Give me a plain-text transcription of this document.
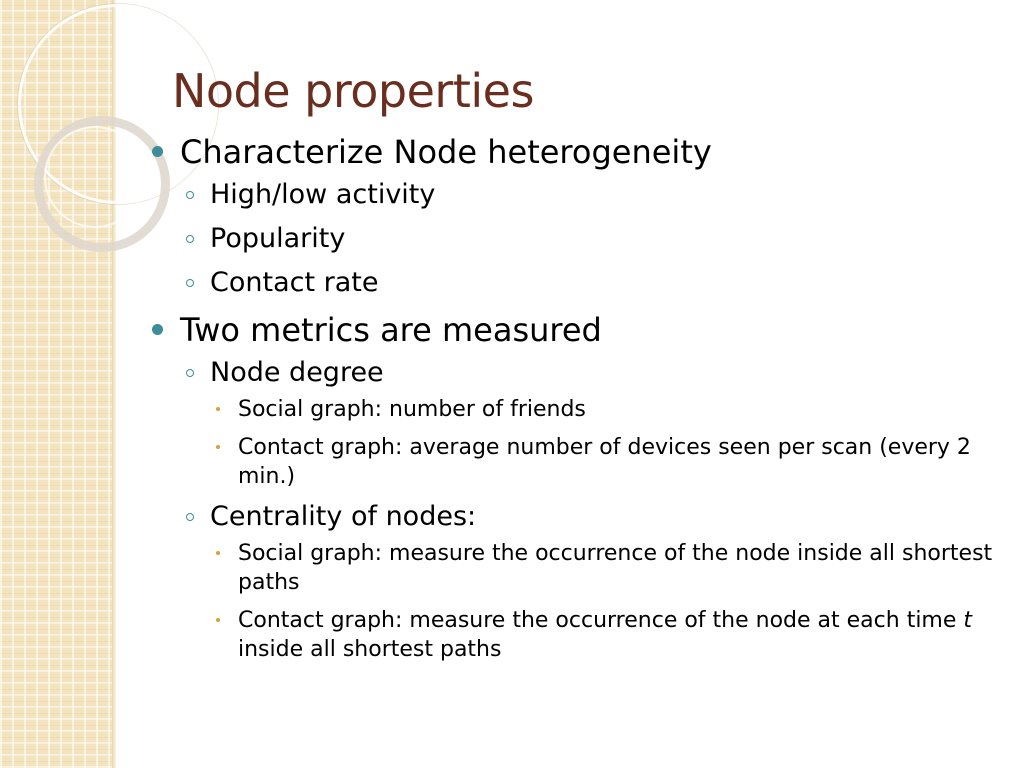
Node properties

Characterize Node heterogeneity

High/low activity

Popularity

Contact rate

Two metrics are measured

Node degree

Social graph: number of friends

Contact graph: average number of devices seen per scan (every 2 min.)

Centrality of nodes:

Social graph: measure the occurrence of the node inside all shortest paths

Contact graph: measure the occurrence of the node at each time t inside all shortest paths
